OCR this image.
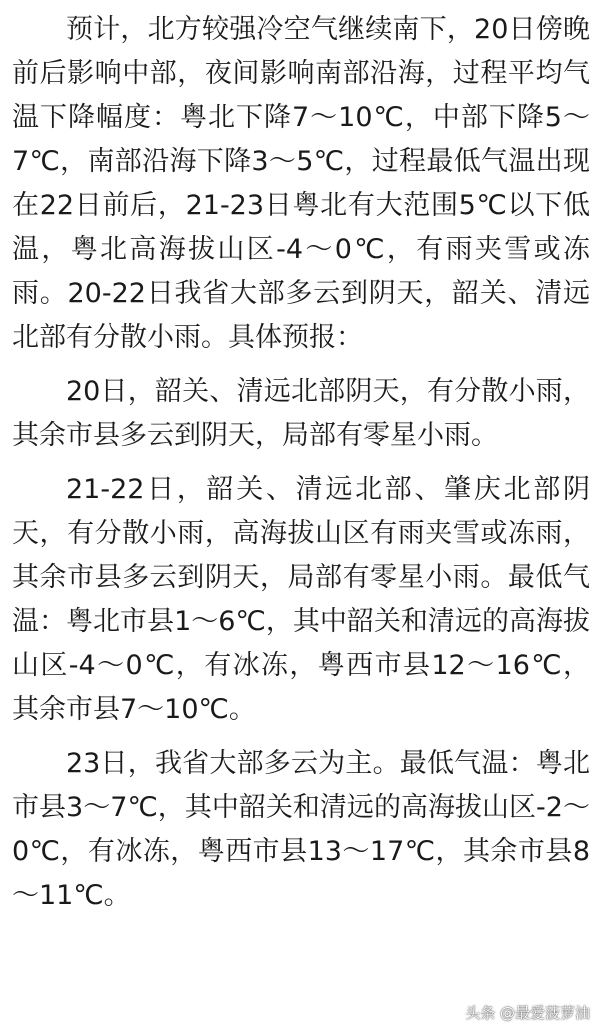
预计，北方较强冷空气继续南下，20日傍晚前后影响中部，夜间影响南部沿海，过程平均气温下降幅度：粤北下降7～10℃，中部下降5～7℃，南部沿海下降3～5℃，过程最低气温出现在22日前后，21-23日粤北有大范围5℃以下低温，粤北高海拔山区-4～0℃，有雨夹雪或冻雨。20-22日我省大部多云到阴天，韶关、清远北部有分散小雨。具体预报：

20日，韶关、清远北部阴天，有分散小雨，其余市县多云到阴天，局部有零星小雨。

21-22日，韶关、清远北部、肇庆北部阴天，有分散小雨，高海拔山区有雨夹雪或冻雨，其余市县多云到阴天，局部有零星小雨。最低气温：粤北市县1～6℃，其中韶关和清远的高海拔山区-4～0℃，有冰冻，粤西市县12～16℃，其余市县7～10℃。

23日，我省大部多云为主。最低气温：粤北市县3～7℃，其中韶关和清远的高海拔山区-2～0℃，有冰冻，粤西市县13～17℃，其余市县8～11℃。

头条 @最爱菠萝油
